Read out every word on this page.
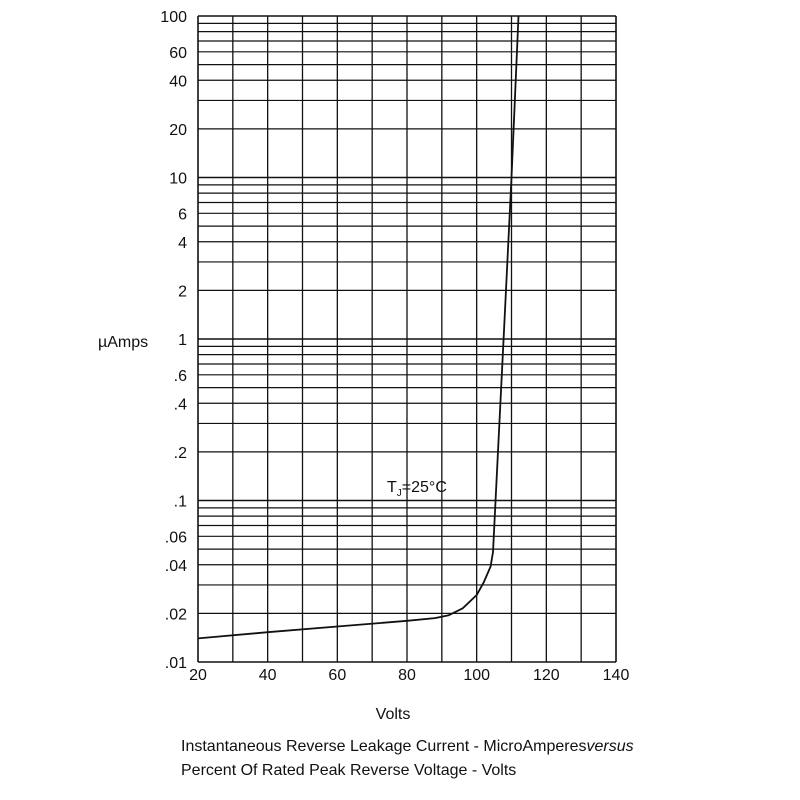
.01
.02
.04
.06
.1
.2
.4
.6
1
2
4
6
10
20
40
60
100
20	40	60	80	100	120	140
µAmps
Volts
$T_J=25^\circ C$
Instantaneous Reverse Leakage Current - MicroAmperesversus
Percent Of Rated Peak Reverse Voltage - Volts
